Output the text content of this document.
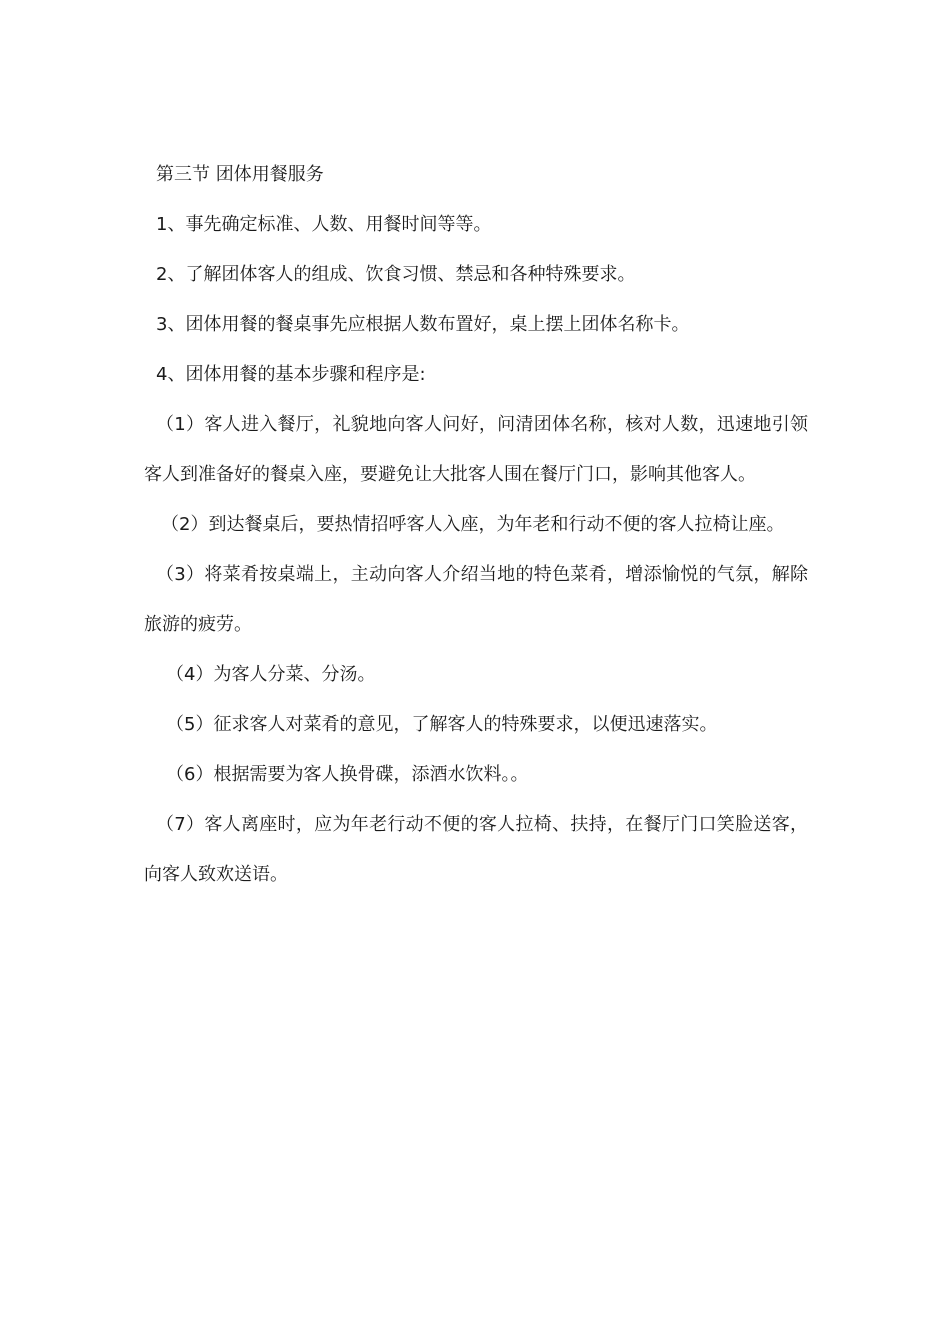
第三节 团体用餐服务
1、事先确定标准、人数、用餐时间等等。
2、了解团体客人的组成、饮食习惯、禁忌和各种特殊要求。
3、团体用餐的餐桌事先应根据人数布置好，桌上摆上团体名称卡。
4、团体用餐的基本步骤和程序是:
（1）客人进入餐厅，礼貌地向客人问好，问清团体名称，核对人数，迅速地引领
客人到准备好的餐桌入座，要避免让大批客人围在餐厅门口，影响其他客人。
（2）到达餐桌后，要热情招呼客人入座，为年老和行动不便的客人拉椅让座。
（3）将菜肴按桌端上，主动向客人介绍当地的特色菜肴，增添愉悦的气氛，解除
旅游的疲劳。
（4）为客人分菜、分汤。
（5）征求客人对菜肴的意见，了解客人的特殊要求，以便迅速落实。
（6）根据需要为客人换骨碟，添酒水饮料。。
（7）客人离座时，应为年老行动不便的客人拉椅、扶持，在餐厅门口笑脸送客，
向客人致欢送语。
